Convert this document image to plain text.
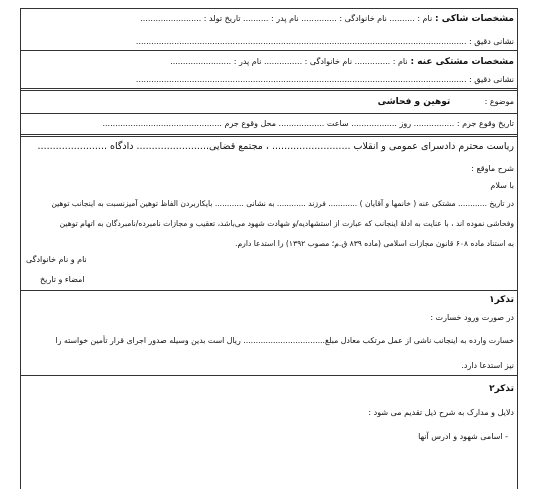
مشخصات شاکی : نام : .......... نام خانوادگی : .............. نام پدر : .......... تاریخ تولد : ........................
نشانی دقیق : ..................................................................................................................................
مشخصات مشتکی عنه : نام : .............. نام خانوادگی : ............... نام پدر : ........................
نشانی دقیق : ..................................................................................................................................
موضوع :            توهین و فحاشی
تاریخ وقوع جرم : ................ روز .................. ساعت .................. محل وقوع جرم ...............................................
ریاست محترم دادسرای عمومی و انقلاب .......................... ، مجتمع قضایی........................ دادگاه .......................
شرح ماوقع :
با سلام
در تاریخ ............ مشتکی عنه ( خانمها و آقایان ) ............ فرزند ............ به نشانی ............ بایکاربردن الفاظ توهین آمیزنسبت به اینجانب توهین
وفحاشی نموده اند ، با عنایت به ادلهٔ اینجانب که عبارت از استشهادیه/و شهادت شهود می‌باشد، تعقیب و مجازات نامبرده/نامبردگان به اتهام توهین
به استناد ماده ۶۰۸ قانون مجازات اسلامی (ماده ۸۳۹ ق.م؛ مصوب ۱۳۹۲) را استدعا دارم.
نام و نام خانوادگی
امضاء و تاریخ
تذکر۱
در صورت ورود خسارت :
خسارت وارده به اینجانب ناشی از عمل مرتکب معادل مبلغ................................. ریال است بدین وسیله صدور اجرای قرار تأمین خواسته را
نیز استدعا دارد.
تذکر۲
دلایل و مدارک به شرح ذیل تقدیم می شود :
- اسامی شهود و ادرس آنها
